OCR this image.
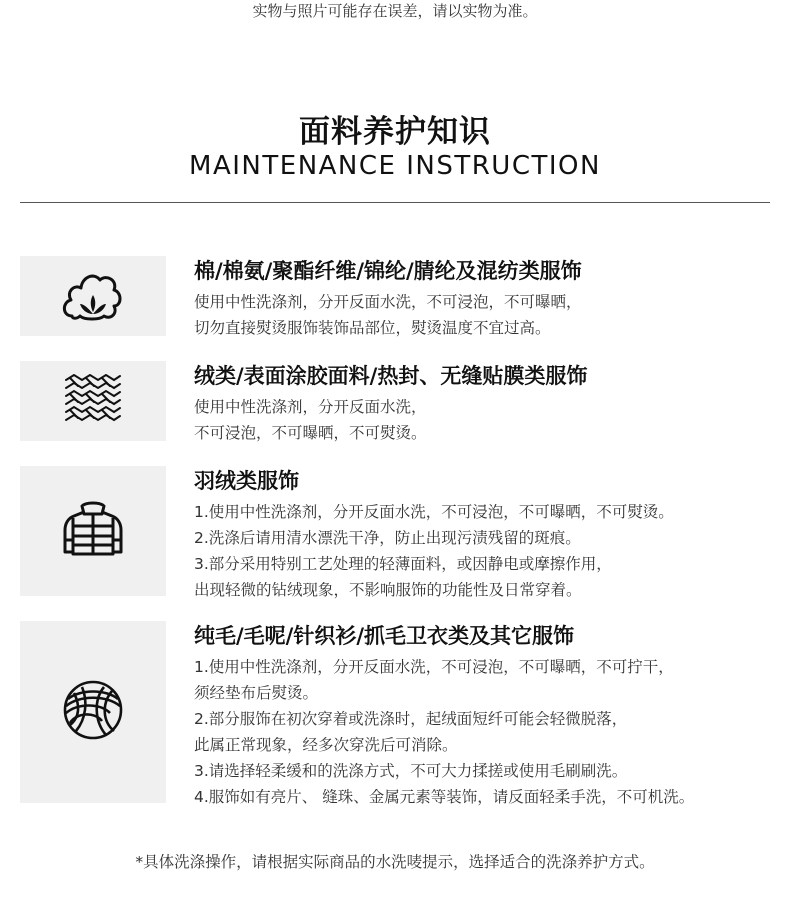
实物与照片可能存在误差，请以实物为准。
面料养护知识
MAINTENANCE INSTRUCTION
棉/棉氨/聚酯纤维/锦纶/腈纶及混纺类服饰
使用中性洗涤剂，分开反面水洗，不可浸泡，不可曝晒，
切勿直接熨烫服饰装饰品部位，熨烫温度不宜过高。
绒类/表面涂胶面料/热封、无缝贴膜类服饰
使用中性洗涤剂，分开反面水洗，
不可浸泡，不可曝晒，不可熨烫。
羽绒类服饰
1.使用中性洗涤剂，分开反面水洗，不可浸泡，不可曝晒，不可熨烫。
2.洗涤后请用清水漂洗干净，防止出现污渍残留的斑痕。
3.部分采用特别工艺处理的轻薄面料，或因静电或摩擦作用，
出现轻微的钻绒现象，不影响服饰的功能性及日常穿着。
纯毛/毛呢/针织衫/抓毛卫衣类及其它服饰
1.使用中性洗涤剂，分开反面水洗，不可浸泡，不可曝晒，不可拧干，
须经垫布后熨烫。
2.部分服饰在初次穿着或洗涤时，起绒面短纤可能会轻微脱落，
此属正常现象，经多次穿洗后可消除。
3.请选择轻柔缓和的洗涤方式，不可大力揉搓或使用毛刷刷洗。
4.服饰如有亮片、 缝珠、金属元素等装饰，请反面轻柔手洗，不可机洗。
*具体洗涤操作，请根据实际商品的水洗唛提示，选择适合的洗涤养护方式。
